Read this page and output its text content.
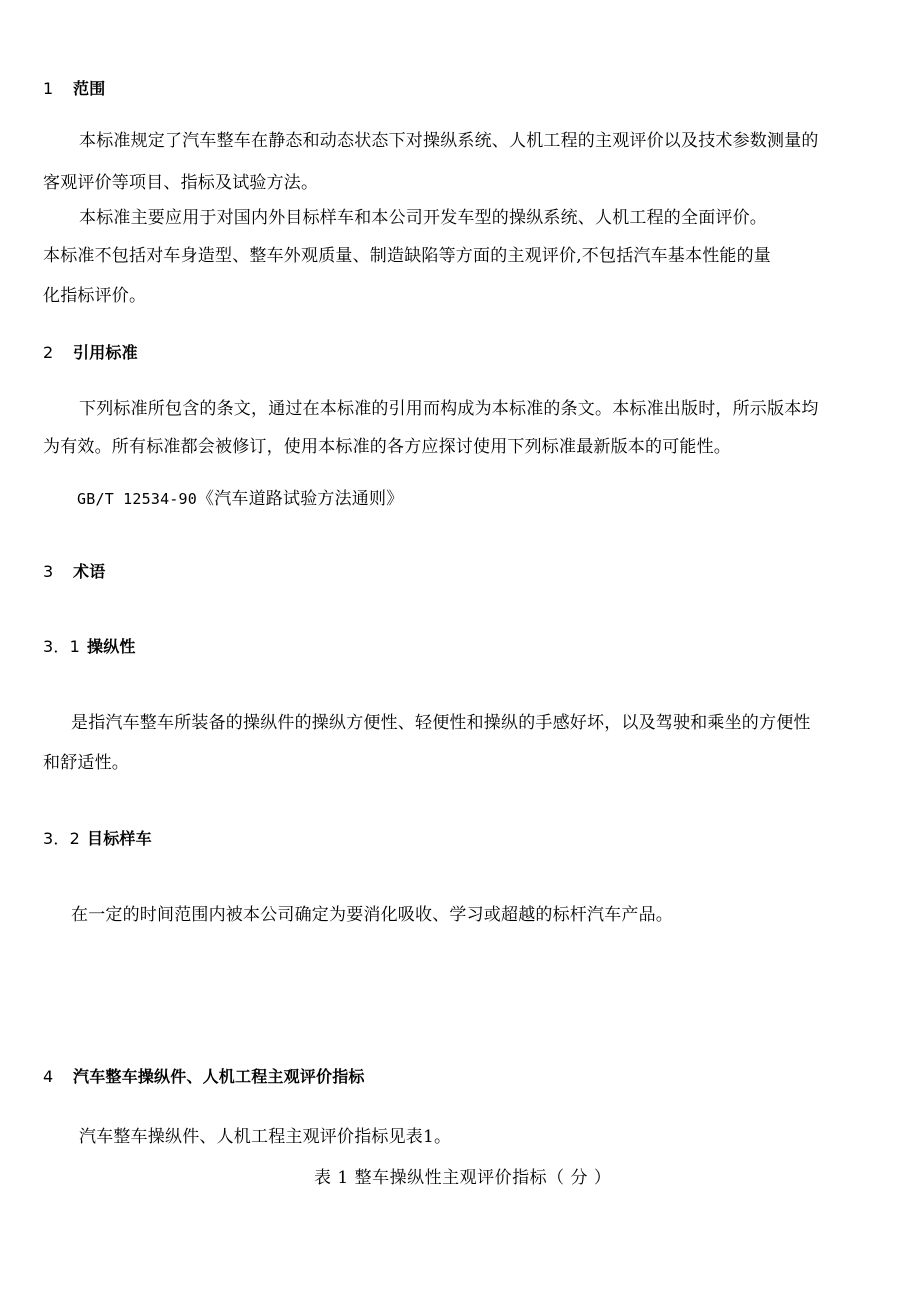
1 范围
本标准规定了汽车整车在静态和动态状态下对操纵系统、人机工程的主观评价以及技术参数测量的
客观评价等项目、指标及试验方法。
本标准主要应用于对国内外目标样车和本公司开发车型的操纵系统、人机工程的全面评价。
本标准不包括对车身造型、整车外观质量、制造缺陷等方面的主观评价,不包括汽车基本性能的量
化指标评价。
2 引用标准
下列标准所包含的条文，通过在本标准的引用而构成为本标准的条文。本标准出版时，所示版本均
为有效。所有标准都会被修订，使用本标准的各方应探讨使用下列标准最新版本的可能性。
GB/T 12534-90《汽车道路试验方法通则》
3 术语
3．1 操纵性
是指汽车整车所装备的操纵件的操纵方便性、轻便性和操纵的手感好坏，以及驾驶和乘坐的方便性
和舒适性。
3．2 目标样车
在一定的时间范围内被本公司确定为要消化吸收、学习或超越的标杆汽车产品。
4 汽车整车操纵件、人机工程主观评价指标
汽车整车操纵件、人机工程主观评价指标见表1。
表 1 整车操纵性主观评价指标（ 分 ）
